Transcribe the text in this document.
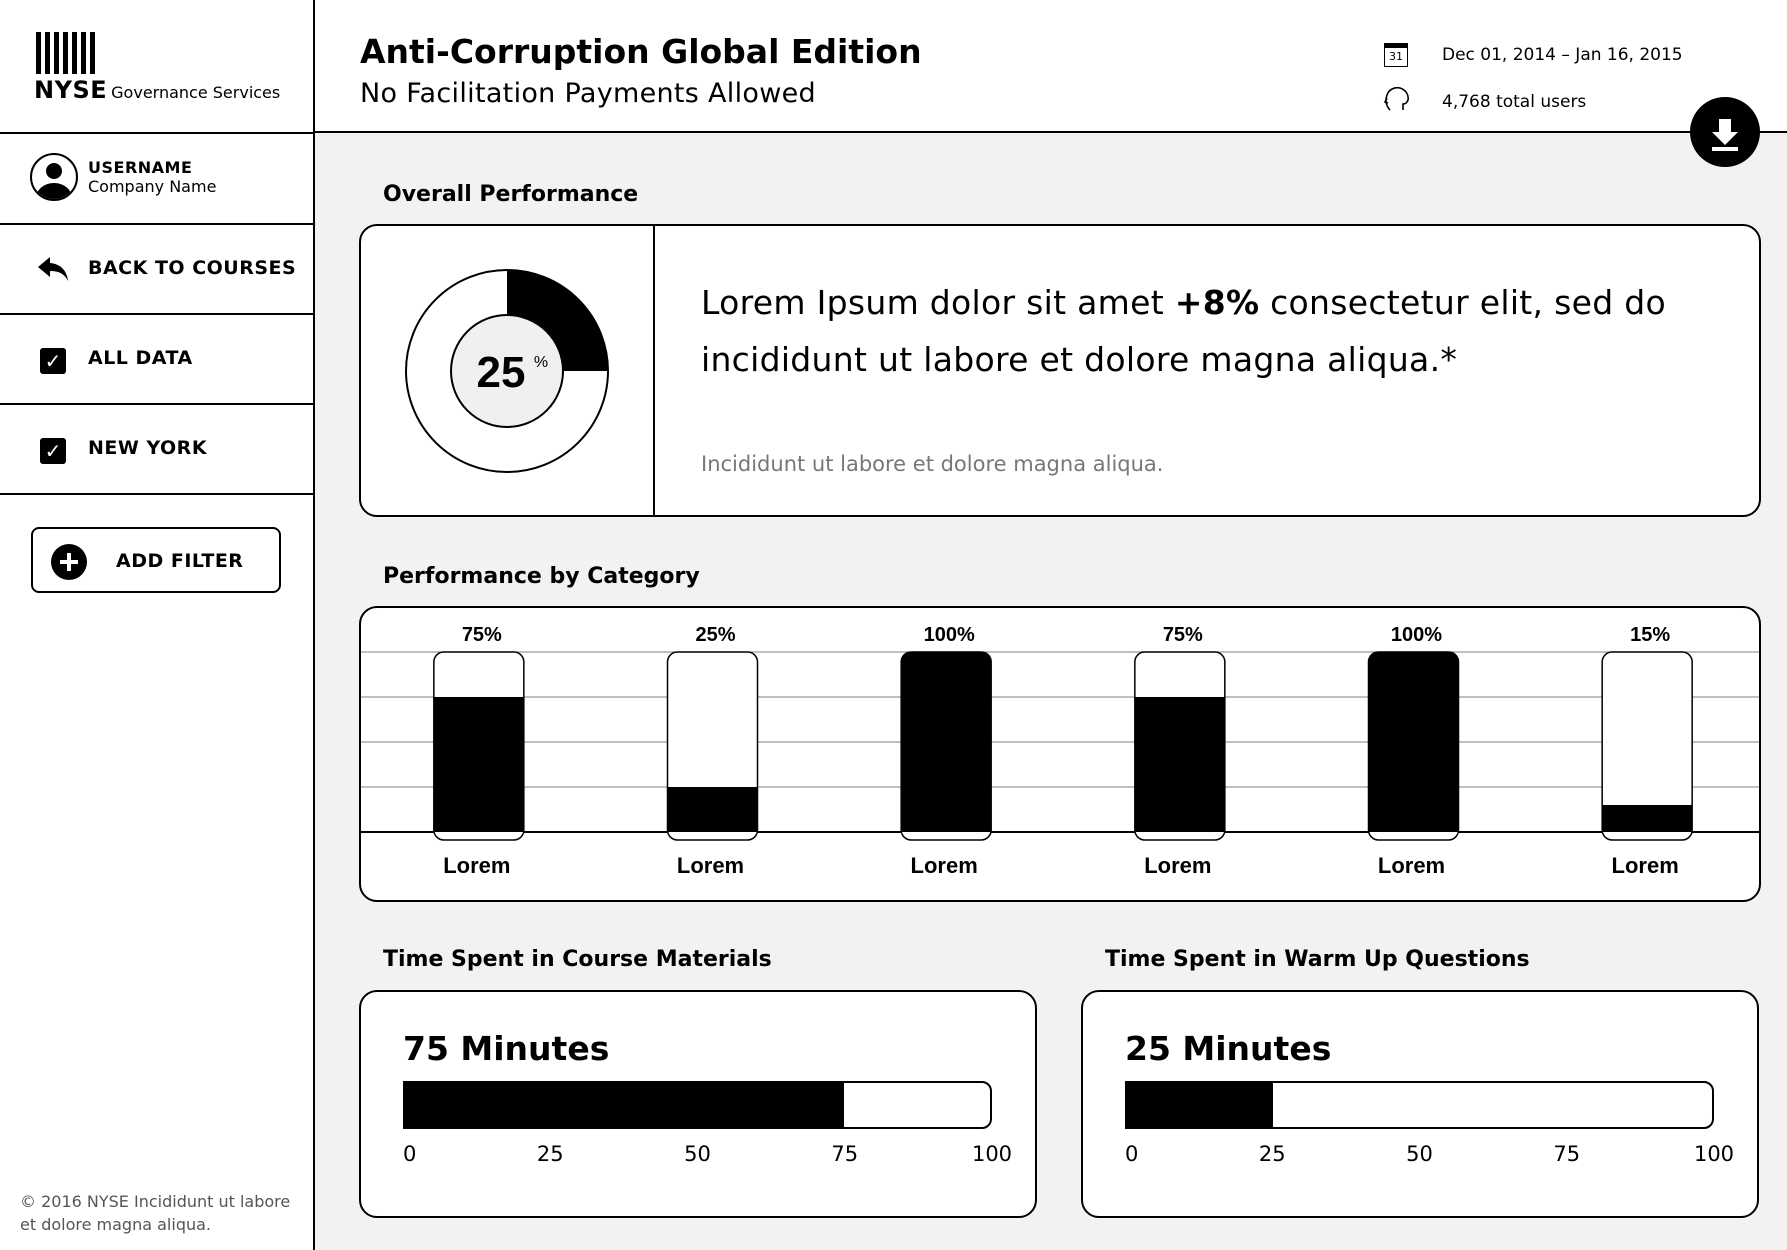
NYSE Governance Services
USERNAME
Company Name
BACK TO COURSES
✓ ALL DATA
✓ NEW YORK
ADD FILTER
© 2016 NYSE Incididunt ut labore et dolore magna aliqua.
Anti-Corruption Global Edition
No Facilitation Payments Allowed
31 Dec 01, 2014 – Jan 16, 2015
4,768 total users
Overall Performance
25 %
Lorem Ipsum dolor sit amet +8% consectetur elit, sed do incididunt ut labore et dolore magna aliqua.*
Incididunt ut labore et dolore magna aliqua.
Performance by Category
75%
Lorem
25%
Lorem
100%
Lorem
75%
Lorem
100%
Lorem
15%
Lorem
Time Spent in Course Materials
75 Minutes
0	25	50	75	100
Time Spent in Warm Up Questions
25 Minutes
0	25	50	75	100
